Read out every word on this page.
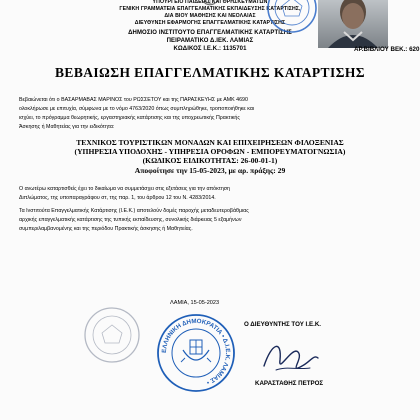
ΥΠΟΥΡΓΕΙΟ ΠΑΙΔΕΙΑΣ ΚΑΙ ΘΡΗΣΚΕΥΜΑΤΩΝ

ΓΕΝΙΚΗ ΓΡΑΜΜΑΤΕΙΑ ΕΠΑΓΓΕΛΜΑΤΙΚΗΣ ΕΚΠΑΙΔΕΥΣΗΣ ΚΑΤΑΡΤΙΣΗΣ,

ΔΙΑ ΒΙΟΥ ΜΑΘΗΣΗΣ ΚΑΙ ΝΕΟΛΑΙΑΣ

ΔΙΕΥΘΥΝΣΗ ΕΦΑΡΜΟΓΗΣ ΕΠΑΓΓΕΛΜΑΤΙΚΗΣ ΚΑΤΑΡΤΙΣΗΣ

ΔΗΜΟΣΙΟ ΙΝΣΤΙΤΟΥΤΟ ΕΠΑΓΓΕΛΜΑΤΙΚΗΣ ΚΑΤΑΡΤΙΣΗΣ

ΠΕΙΡΑΜΑΤΙΚΟ Δ.ΙΕΚ. ΛΑΜΙΑΣ

ΚΩΔΙΚΟΣ Ι.Ε.Κ.: 1135701	ΑΡ.ΒΙΒΛΙΟΥ ΒΕΚ.: 620

ΒΕΒΑΙΩΣΗ ΕΠΑΓΓΕΛΜΑΤΙΚΗΣ ΚΑΤΑΡΤΙΣΗΣ

Βεβαιώνεται ότι ο ΒΑΣΑΡΜΑΒΑΣ ΜΑΡΙΝΟΣ του ΡΩΣΣΕΤΟΥ και της ΠΑΡΑΣΚΕΥΗΣ με ΑΜΚ 4690

ολοκλήρωσε με επιτυχία, σύμφωνα με το νόμο 4763/2020 όπως συμπληρώθηκε, τροποποιήθηκε και

ισχύει, το πρόγραμμα θεωρητικής, εργαστηριακής κατάρτισης και της υποχρεωτικής Πρακτικής

Άσκησης ή Μαθητείας για την ειδικότητα:

ΤΕΧΝΙΚΟΣ ΤΟΥΡΙΣΤΙΚΩΝ ΜΟΝΑΔΩΝ ΚΑΙ ΕΠΙΧΕΙΡΗΣΕΩΝ ΦΙΛΟΞΕΝΙΑΣ

(ΥΠΗΡΕΣΙΑ ΥΠΟΔΟΧΗΣ - ΥΠΗΡΕΣΙΑ ΟΡΟΦΩΝ - ΕΜΠΟΡΕΥΜΑΤΟΓΝΩΣΙΑ)

(ΚΩΔΙΚΟΣ ΕΙΔΙΚΟΤΗΤΑΣ: 26-00-01-1)

Αποφοίτησε την 15-05-2023, με αρ. πράξης: 29

Ο ανωτέρω καταρτισθείς έχει το δικαίωμα να συμμετάσχει στις εξετάσεις για την απόκτηση

Διπλώματος, της υποπαραγράφου στ, της παρ. 1, του άρθρου 12 του Ν. 4283/2014.

Τα Ινστιτούτα Επαγγελματικής Κατάρτισης (Ι.Ε.Κ.) αποτελούν δομές παροχής μεταδευτεροβάθμιας

αρχικής επαγγελματικής κατάρτισης της τυπικής εκπαίδευσης, συνολικής διάρκειας 5 εξαμήνων

συμπεριλαμβανομένης και της περιόδου Πρακτικής άσκησης ή Μαθητείας.

ΛΑΜΙΑ, 15-05-2023

Ο ΔΙΕΥΘΥΝΤΗΣ ΤΟΥ Ι.Ε.Κ.

ΕΛΛΗΝΙΚΗ ΔΗΜΟΚΡΑΤΙΑ • Δ.Ι.Ε.Κ. ΛΑΜΙΑΣ •	ΚΑΡΑΣΤΑΘΗΣ ΠΕΤΡΟΣ
